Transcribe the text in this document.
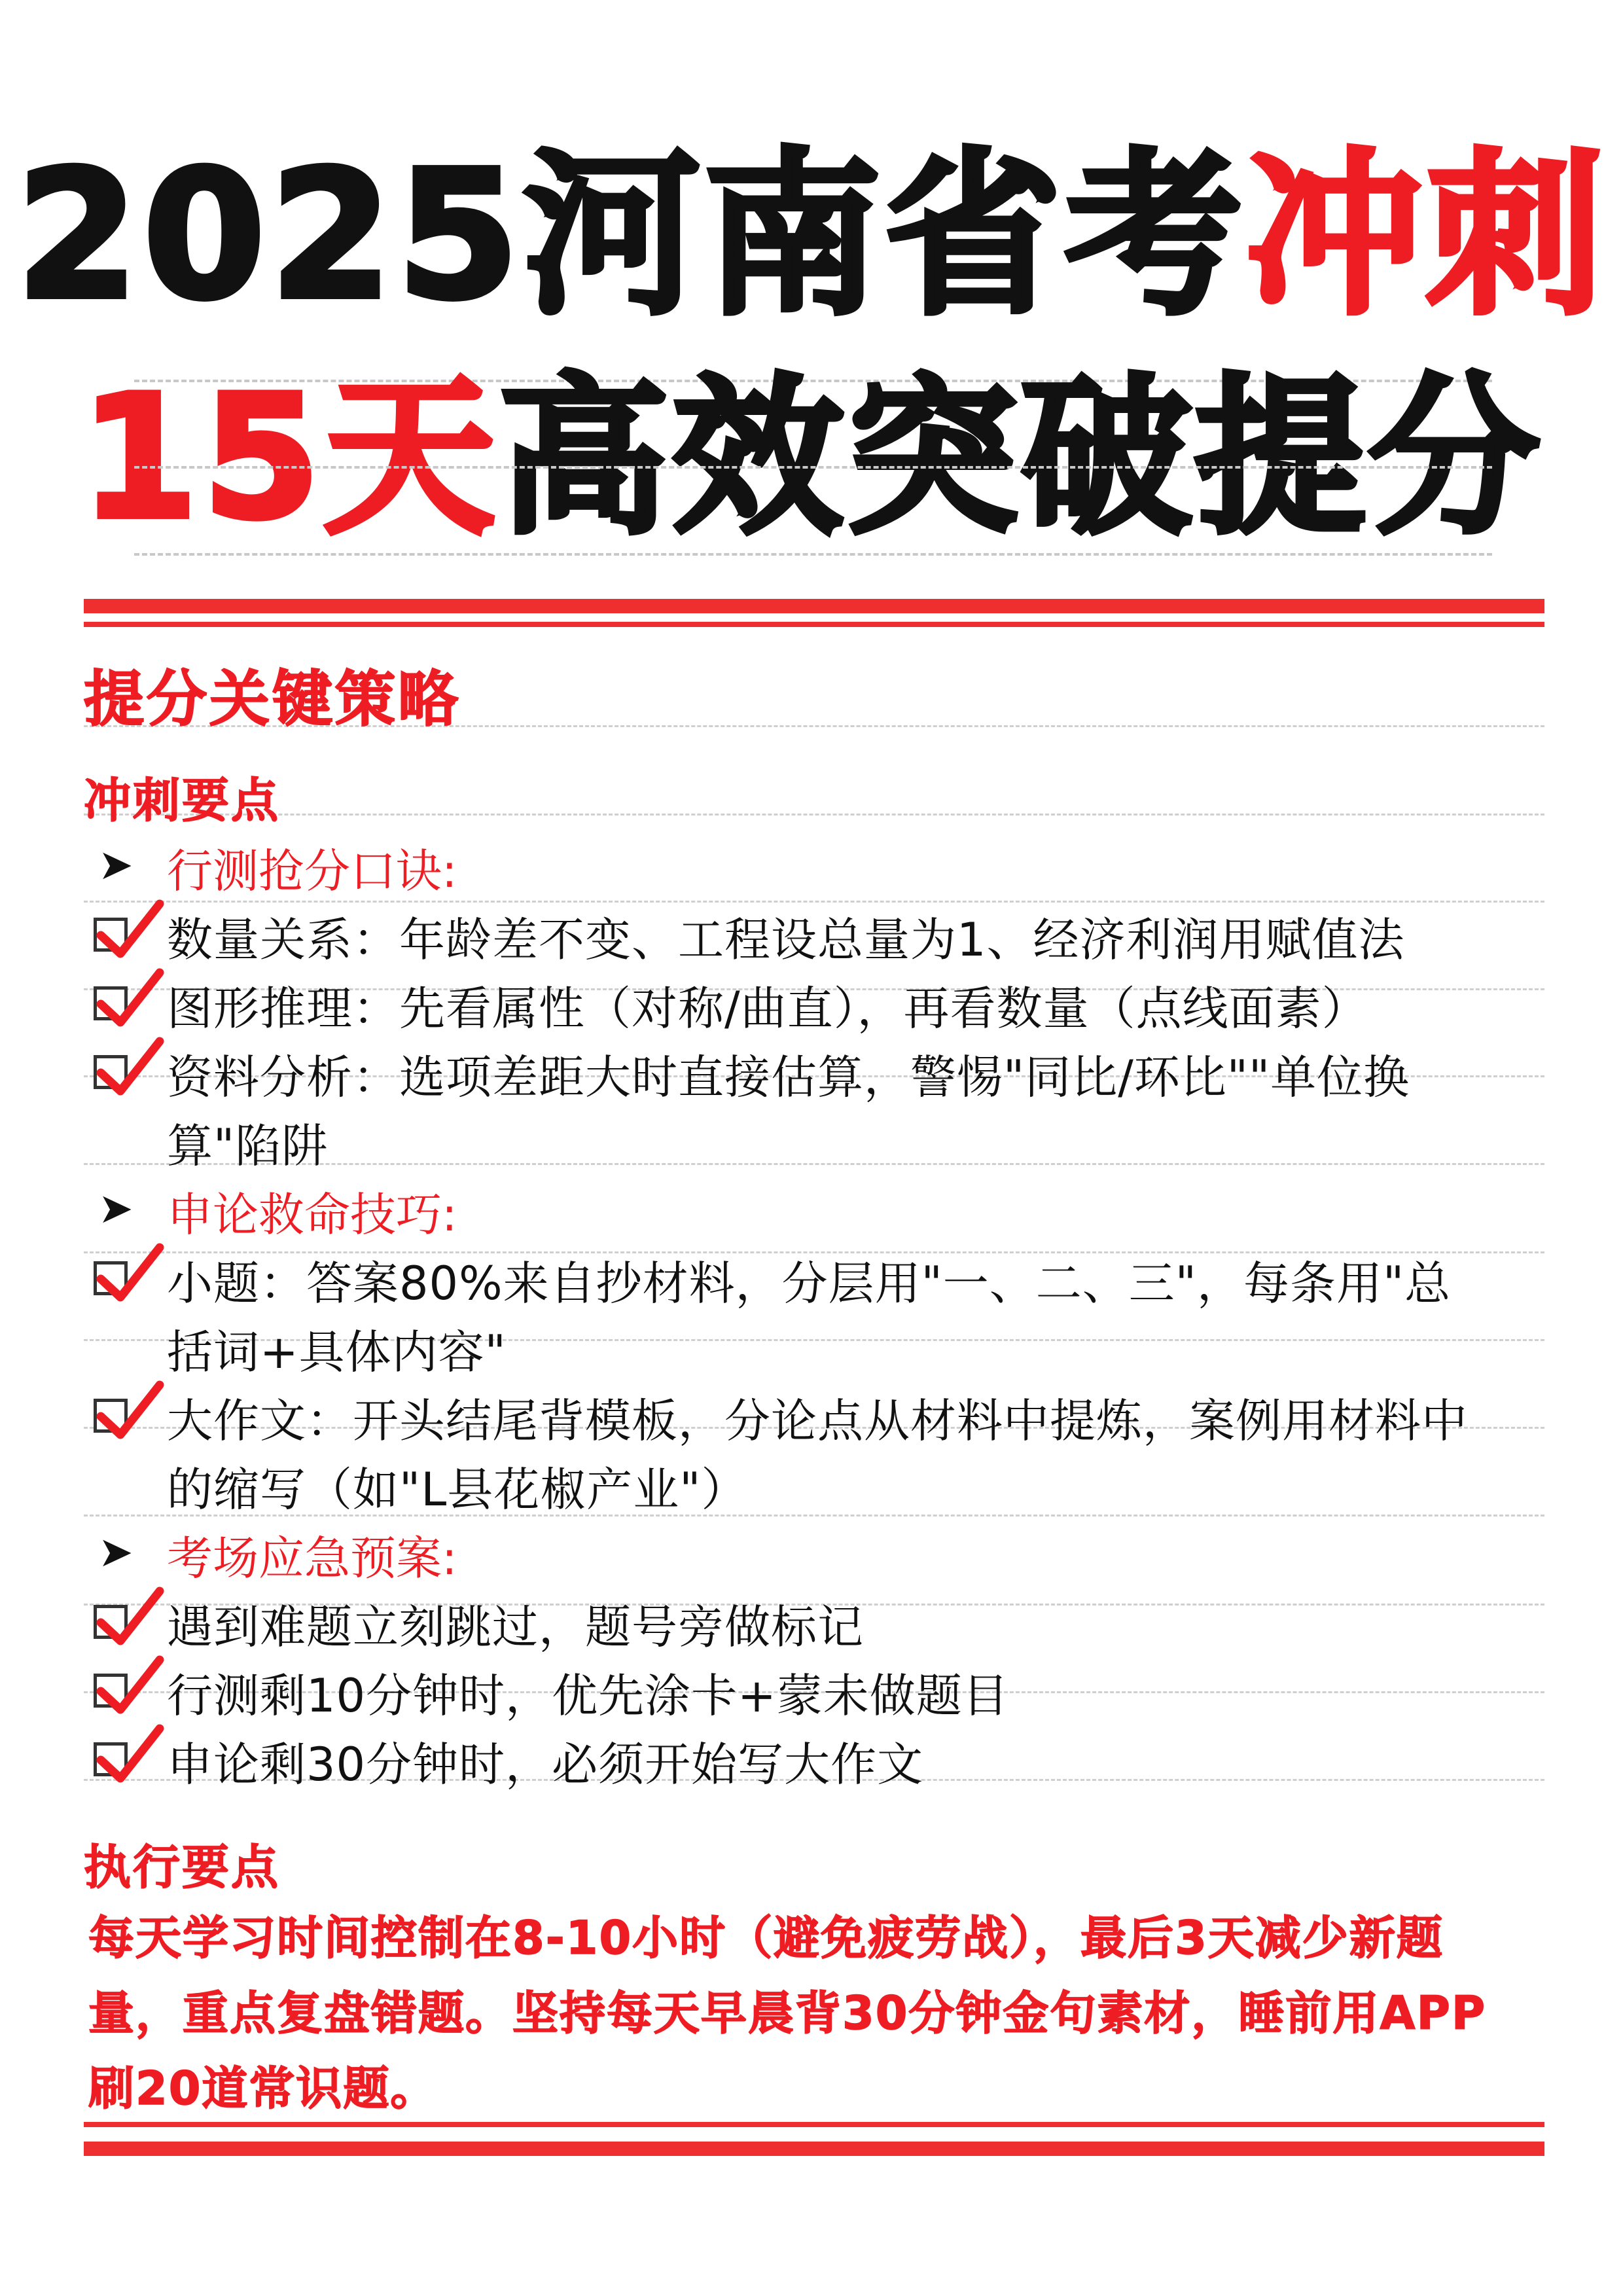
2025河南省考冲刺
15天高效突破提分
提分关键策略
冲刺要点
➤ 行测抢分口诀:
数量关系：年龄差不变、工程设总量为1、经济利润用赋值法
图形推理：先看属性（对称/曲直），再看数量（点线面素）
资料分析：选项差距大时直接估算，警惕"同比/环比""单位换
算"陷阱
➤ 申论救命技巧:
小题：答案80%来自抄材料，分层用"一、二、三"，每条用"总
括词+具体内容"
大作文：开头结尾背模板，分论点从材料中提炼，案例用材料中
的缩写（如"L县花椒产业"）
➤ 考场应急预案:
遇到难题立刻跳过，题号旁做标记
行测剩10分钟时，优先涂卡+蒙未做题目
申论剩30分钟时，必须开始写大作文
执行要点
每天学习时间控制在8-10小时（避免疲劳战），最后3天减少新题
量，重点复盘错题。坚持每天早晨背30分钟金句素材，睡前用APP
刷20道常识题。
